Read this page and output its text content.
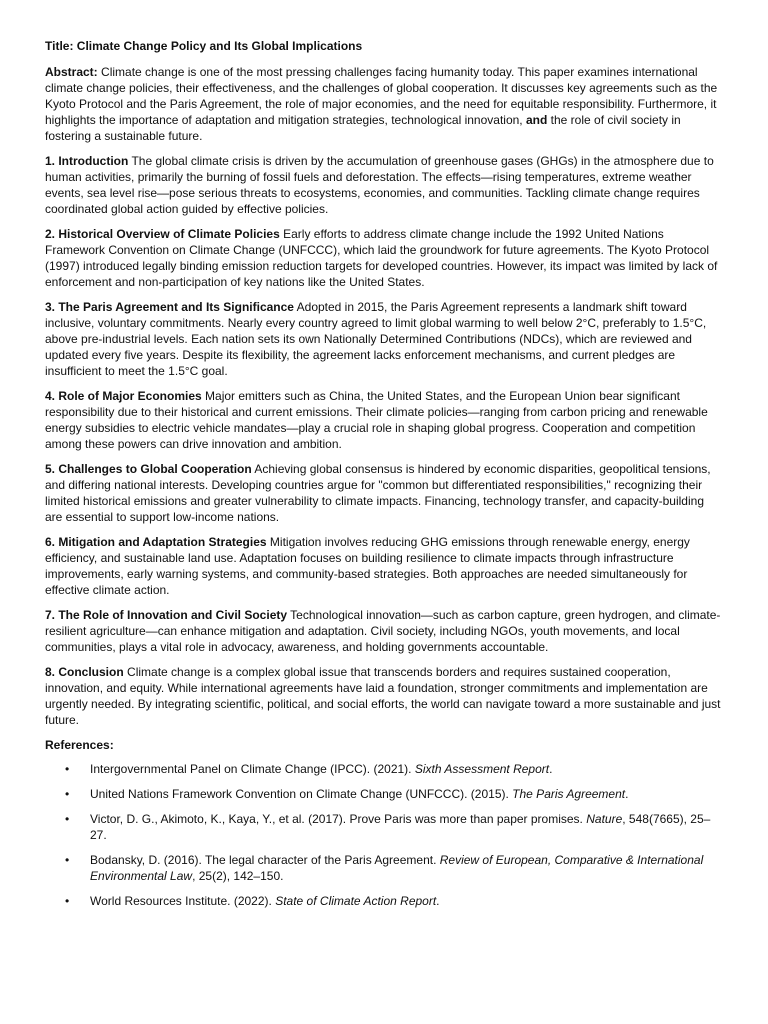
Title: Climate Change Policy and Its Global Implications

Abstract: Climate change is one of the most pressing challenges facing humanity today. This paper examines international climate change policies, their effectiveness, and the challenges of global cooperation. It discusses key agreements such as the Kyoto Protocol and the Paris Agreement, the role of major economies, and the need for equitable responsibility. Furthermore, it highlights the importance of adaptation and mitigation strategies, technological innovation, and the role of civil society in fostering a sustainable future.

1. Introduction The global climate crisis is driven by the accumulation of greenhouse gases (GHGs) in the atmosphere due to human activities, primarily the burning of fossil fuels and deforestation. The effects—rising temperatures, extreme weather events, sea level rise—pose serious threats to ecosystems, economies, and communities. Tackling climate change requires coordinated global action guided by effective policies.

2. Historical Overview of Climate Policies Early efforts to address climate change include the 1992 United Nations Framework Convention on Climate Change (UNFCCC), which laid the groundwork for future agreements. The Kyoto Protocol (1997) introduced legally binding emission reduction targets for developed countries. However, its impact was limited by lack of enforcement and non-participation of key nations like the United States.

3. The Paris Agreement and Its Significance Adopted in 2015, the Paris Agreement represents a landmark shift toward inclusive, voluntary commitments. Nearly every country agreed to limit global warming to well below 2°C, preferably to 1.5°C, above pre-industrial levels. Each nation sets its own Nationally Determined Contributions (NDCs), which are reviewed and updated every five years. Despite its flexibility, the agreement lacks enforcement mechanisms, and current pledges are insufficient to meet the 1.5°C goal.

4. Role of Major Economies Major emitters such as China, the United States, and the European Union bear significant responsibility due to their historical and current emissions. Their climate policies—ranging from carbon pricing and renewable energy subsidies to electric vehicle mandates—play a crucial role in shaping global progress. Cooperation and competition among these powers can drive innovation and ambition.

5. Challenges to Global Cooperation Achieving global consensus is hindered by economic disparities, geopolitical tensions, and differing national interests. Developing countries argue for "common but differentiated responsibilities," recognizing their limited historical emissions and greater vulnerability to climate impacts. Financing, technology transfer, and capacity-building are essential to support low-income nations.

6. Mitigation and Adaptation Strategies Mitigation involves reducing GHG emissions through renewable energy, energy efficiency, and sustainable land use. Adaptation focuses on building resilience to climate impacts through infrastructure improvements, early warning systems, and community-based strategies. Both approaches are needed simultaneously for effective climate action.

7. The Role of Innovation and Civil Society Technological innovation—such as carbon capture, green hydrogen, and climate-resilient agriculture—can enhance mitigation and adaptation. Civil society, including NGOs, youth movements, and local communities, plays a vital role in advocacy, awareness, and holding governments accountable.

8. Conclusion Climate change is a complex global issue that transcends borders and requires sustained cooperation, innovation, and equity. While international agreements have laid a foundation, stronger commitments and implementation are urgently needed. By integrating scientific, political, and social efforts, the world can navigate toward a more sustainable and just future.

References:

• Intergovernmental Panel on Climate Change (IPCC). (2021). Sixth Assessment Report.
• United Nations Framework Convention on Climate Change (UNFCCC). (2015). The Paris Agreement.
• Victor, D. G., Akimoto, K., Kaya, Y., et al. (2017). Prove Paris was more than paper promises. Nature, 548(7665), 25–27.
• Bodansky, D. (2016). The legal character of the Paris Agreement. Review of European, Comparative & International Environmental Law, 25(2), 142–150.
• World Resources Institute. (2022). State of Climate Action Report.
